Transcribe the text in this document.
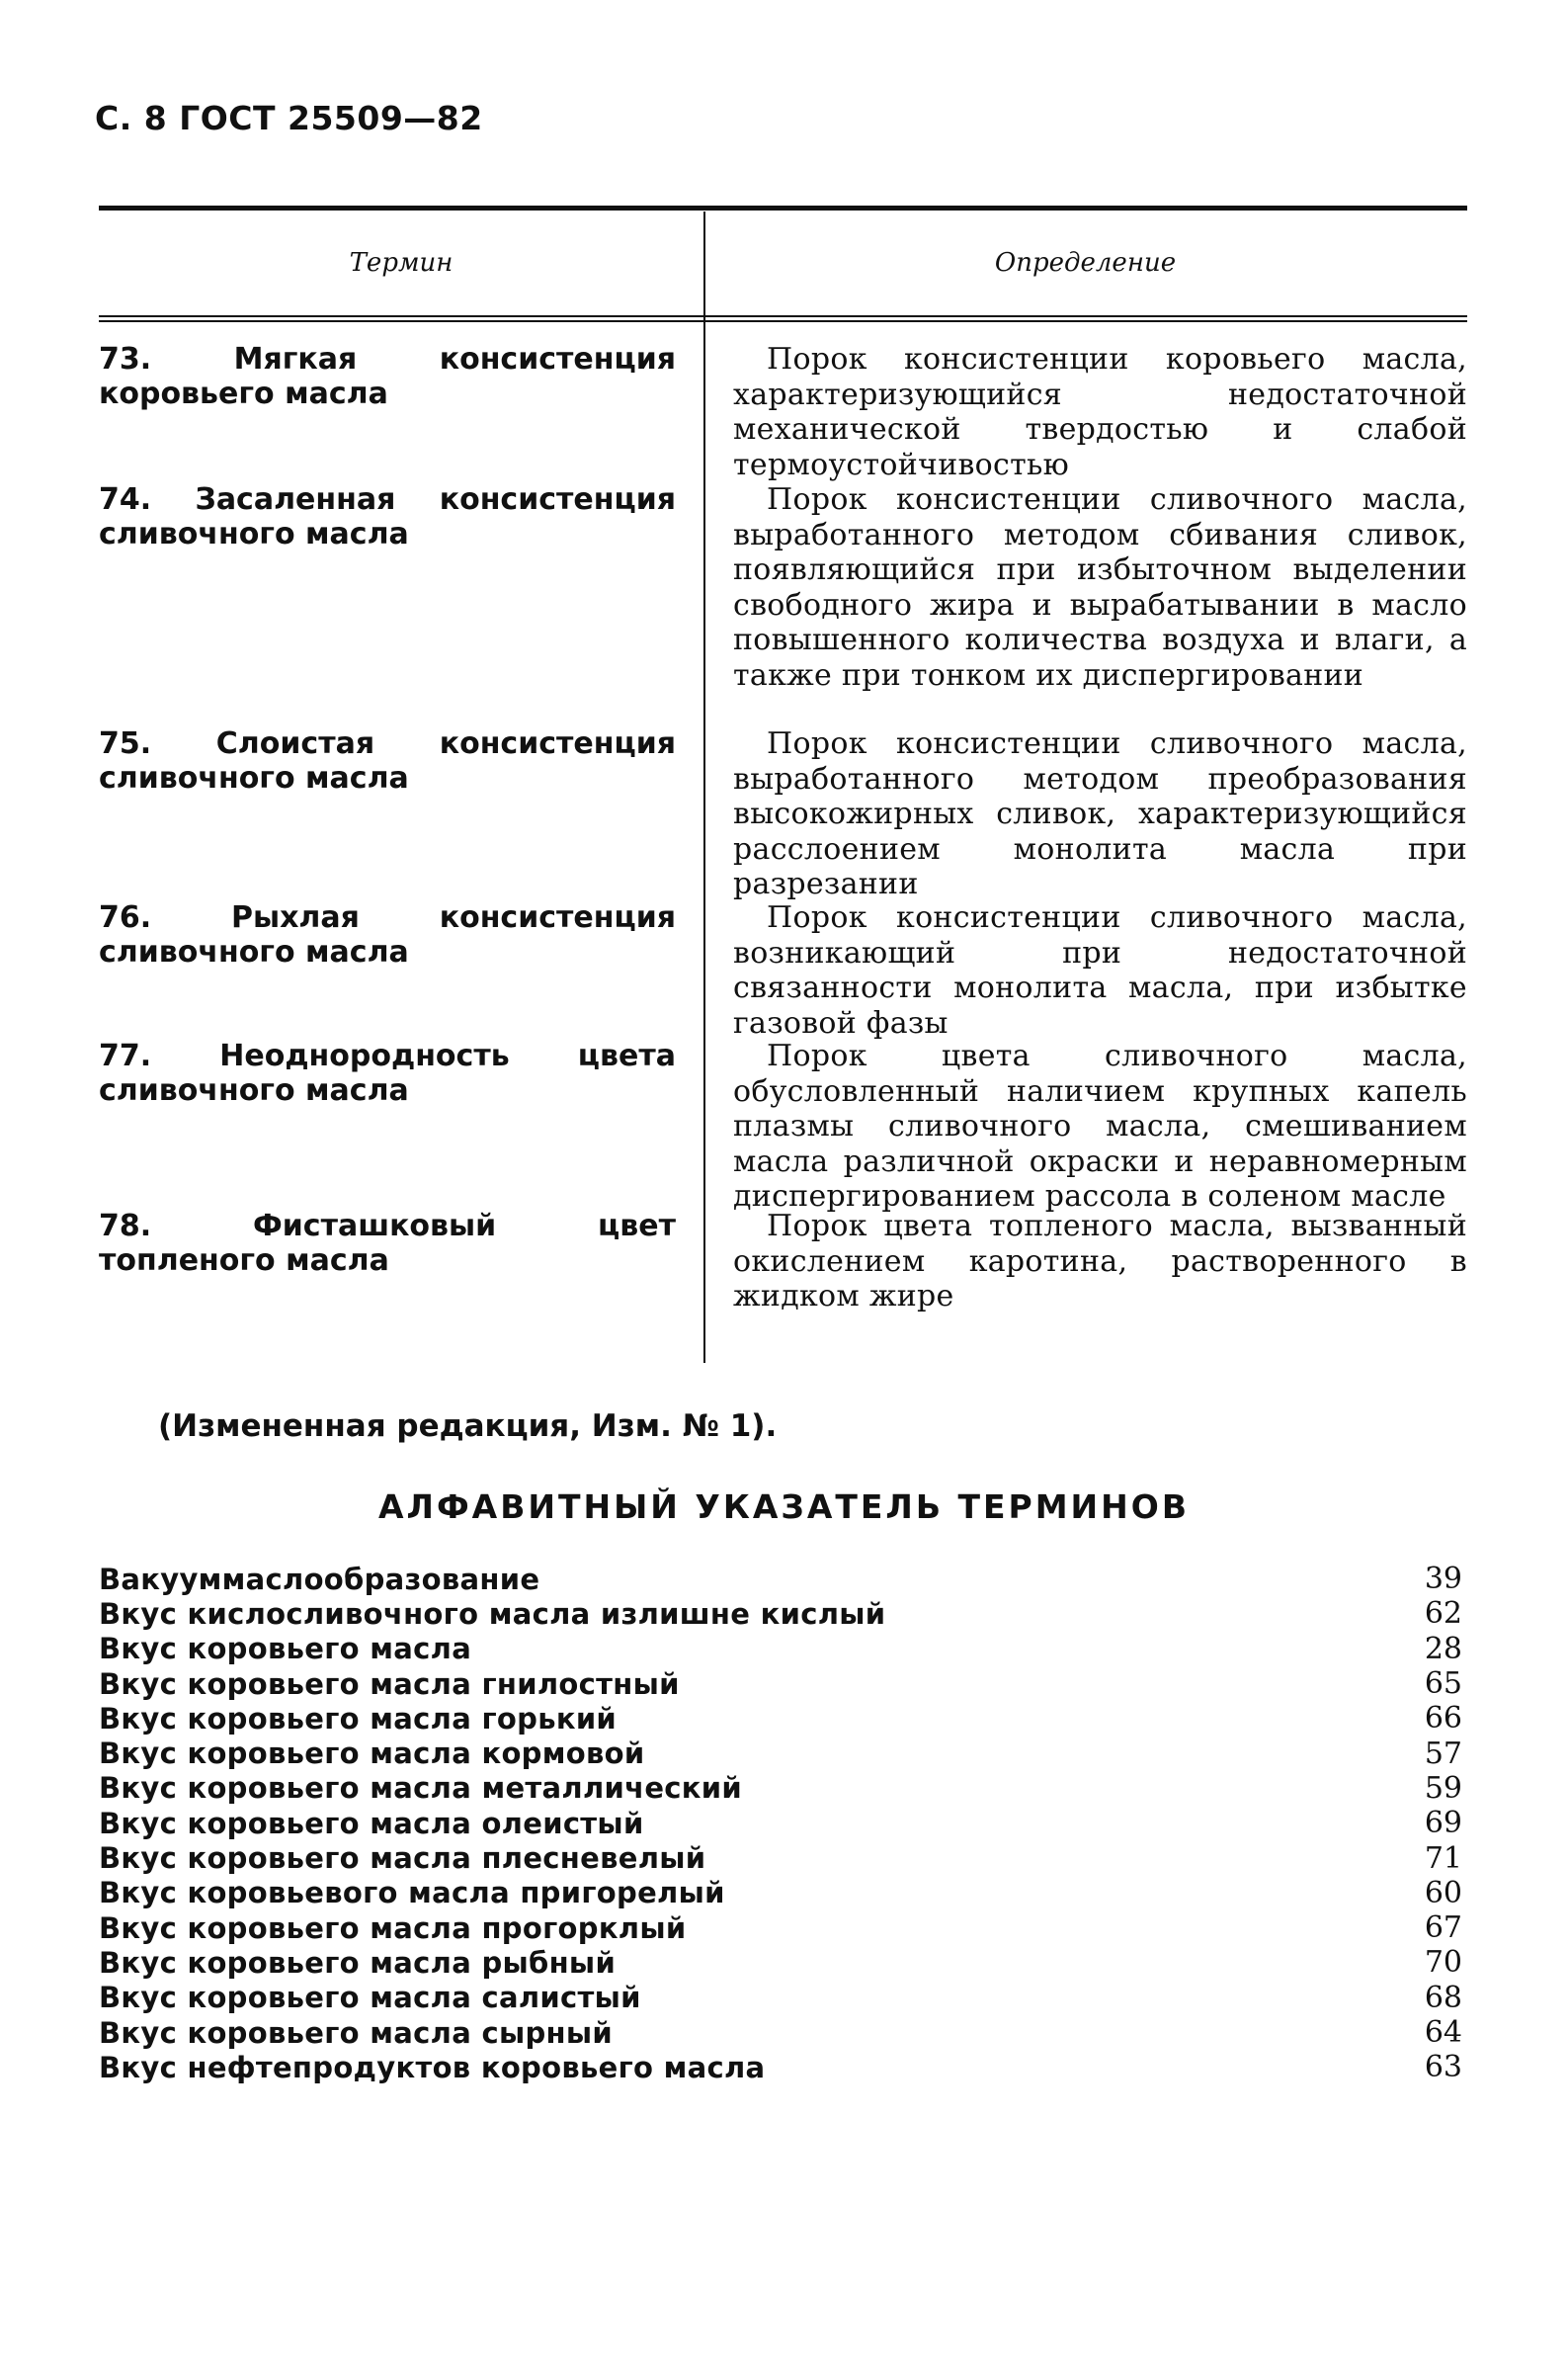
С. 8 ГОСТ 25509—82
Термин	Определение
73. Мягкая консистенция коровьего масла
Порок консистенции коровьего масла, характеризующийся недостаточной механической твердостью и слабой термоустойчивостью
74. Засаленная консистенция сливочного масла
Порок консистенции сливочного масла, выработанного методом сбивания сливок, появляющийся при избыточном выделении свободного жира и вырабатывании в масло повышенного количества воздуха и влаги, а также при тонком их диспергировании
75. Слоистая консистенция сливочного масла
Порок консистенции сливочного масла, выработанного методом преобразования высокожирных сливок, характеризующийся расслоением монолита масла при разрезании
76. Рыхлая консистенция сливочного масла
Порок консистенции сливочного масла, возникающий при недостаточной связанности монолита масла, при избытке газовой фазы
77. Неоднородность цвета сливочного масла
Порок цвета сливочного масла, обусловленный наличием крупных капель плазмы сливочного масла, смешиванием масла различной окраски и неравномерным диспергированием рассола в соленом масле
78. Фисташковый цвет топленого масла
Порок цвета топленого масла, вызванный окислением каротина, растворенного в жидком жире
(Измененная редакция, Изм. № 1).
АЛФАВИТНЫЙ УКАЗАТЕЛЬ ТЕРМИНОВ
Вакууммаслообразование	39
Вкус кислосливочного масла излишне кислый	62
Вкус коровьего масла	28
Вкус коровьего масла гнилостный	65
Вкус коровьего масла горький	66
Вкус коровьего масла кормовой	57
Вкус коровьего масла металлический	59
Вкус коровьего масла олеистый	69
Вкус коровьего масла плесневелый	71
Вкус коровьевого масла пригорелый	60
Вкус коровьего масла прогорклый	67
Вкус коровьего масла рыбный	70
Вкус коровьего масла салистый	68
Вкус коровьего масла сырный	64
Вкус нефтепродуктов коровьего масла	63
